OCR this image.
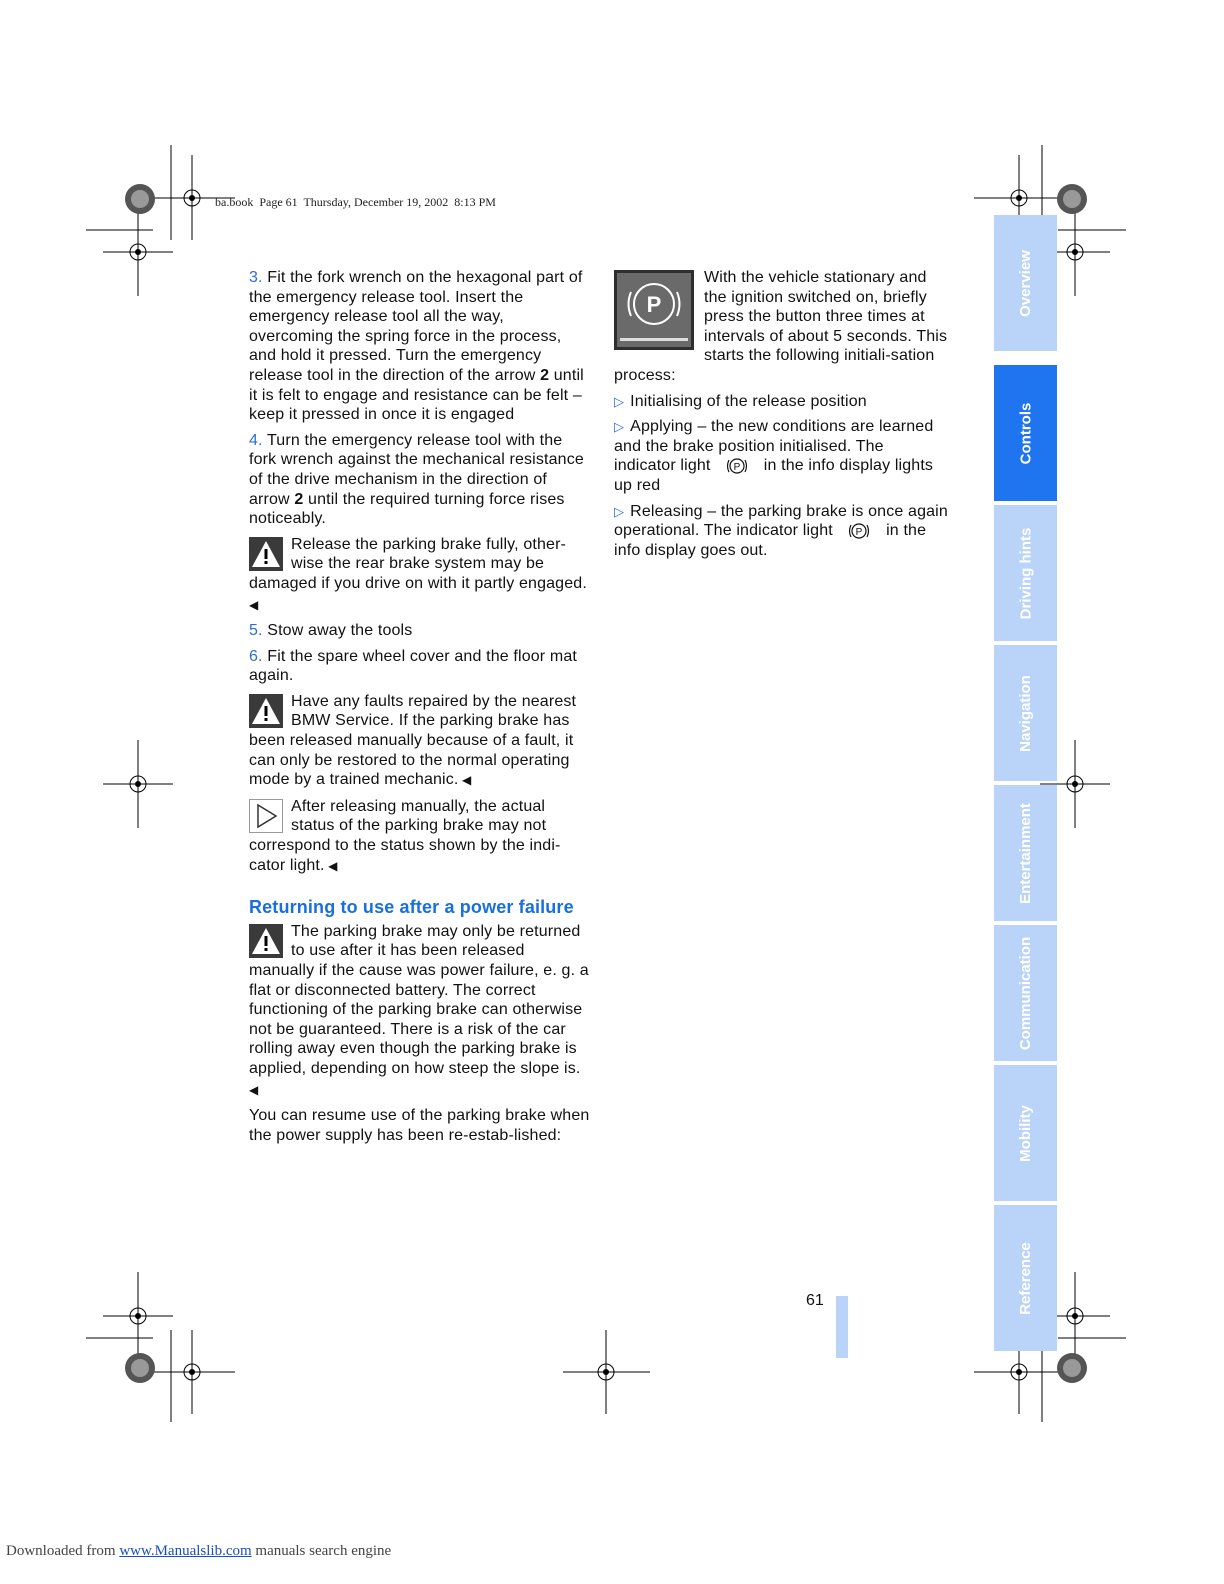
ba.book Page 61 Thursday, December 19, 2002 8:13 PM

3. Fit the fork wrench on the hexagonal part of the emergency release tool. Insert the emergency release tool all the way, overcoming the spring force in the process, and hold it pressed. Turn the emergency release tool in the direction of the arrow 2 until it is felt to engage and resistance can be felt – keep it pressed in once it is engaged

4. Turn the emergency release tool with the fork wrench against the mechanical resistance of the drive mechanism in the direction of arrow 2 until the required turning force rises noticeably.

Release the parking brake fully, other-wise the rear brake system may be damaged if you drive on with it partly engaged. ◀

5. Stow away the tools

6. Fit the spare wheel cover and the floor mat again.

Have any faults repaired by the nearest BMW Service. If the parking brake has been released manually because of a fault, it can only be restored to the normal operating mode by a trained mechanic. ◀
After releasing manually, the actual status of the parking brake may not correspond to the status shown by the indi-cator light. ◀
Returning to use after a power failure
The parking brake may only be returned to use after it has been released manually if the cause was power failure, e. g. a flat or disconnected battery. The correct functioning of the parking brake can otherwise not be guaranteed. There is a risk of the car rolling away even though the parking brake is applied, depending on how steep the slope is. ◀

You can resume use of the parking brake when the power supply has been re-estab-lished:

P
With the vehicle stationary and the ignition switched on, briefly press the button three times at intervals of about 5 seconds. This starts the following initiali-sation process:

▷ Initialising of the release position

▷ Applying – the new conditions are learned and the brake position initialised. The indicator light P in the info display lights up red

▷ Releasing – the parking brake is once again operational. The indicator light P in the info display goes out.

Overview
Controls
Driving hints
Navigation
Entertainment
Communication
Mobility
Reference
61
Downloaded from www.Manualslib.com manuals search engine
